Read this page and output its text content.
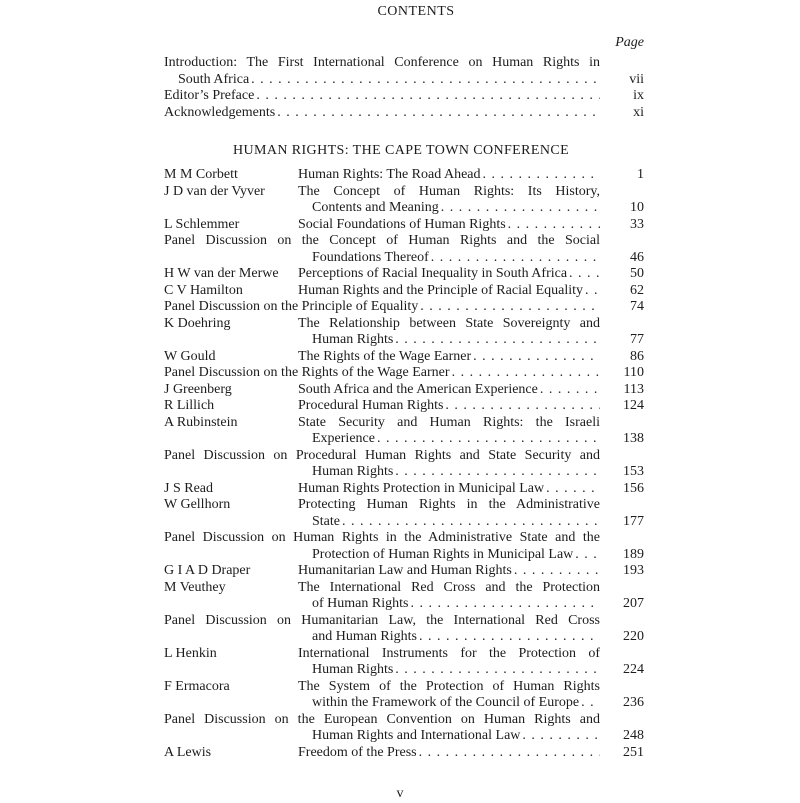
CONTENTS
Page
Introduction: The First International Conference on Human Rights in
South Africa . . .	vii
Editor’s Preface . . .	ix
Acknowledgements . . .	xi
HUMAN RIGHTS: THE CAPE TOWN CONFERENCE
M M Corbett	Human Rights: The Road Ahead . . .	1
J D van der Vyver	The Concept of Human Rights: Its History,
Contents and Meaning . . .	10
L Schlemmer	Social Foundations of Human Rights . . .	33
Panel Discussion on the Concept of Human Rights and the Social
Foundations Thereof . . .	46
H W van der Merwe	Perceptions of Racial Inequality in South Africa . . .	50
C V Hamilton	Human Rights and the Principle of Racial Equality . . .	62
Panel Discussion on the Principle of Equality . . .	74
K Doehring	The Relationship between State Sovereignty and
Human Rights . . .	77
W Gould	The Rights of the Wage Earner . . .	86
Panel Discussion on the Rights of the Wage Earner . . .	110
J Greenberg	South Africa and the American Experience . . .	113
R Lillich	Procedural Human Rights . . .	124
A Rubinstein	State Security and Human Rights: the Israeli
Experience . . .	138
Panel Discussion on Procedural Human Rights and State Security and
Human Rights . . .	153
J S Read	Human Rights Protection in Municipal Law . . .	156
W Gellhorn	Protecting Human Rights in the Administrative
State . . .	177
Panel Discussion on Human Rights in the Administrative State and the
Protection of Human Rights in Municipal Law . . .	189
G I A D Draper	Humanitarian Law and Human Rights . . .	193
M Veuthey	The International Red Cross and the Protection
of Human Rights . . .	207
Panel Discussion on Humanitarian Law, the International Red Cross
and Human Rights . . .	220
L Henkin	International Instruments for the Protection of
Human Rights . . .	224
F Ermacora	The System of the Protection of Human Rights
within the Framework of the Council of Europe . . .	236
Panel Discussion on the European Convention on Human Rights and
Human Rights and International Law . . .	248
A Lewis	Freedom of the Press . . .	251
v
